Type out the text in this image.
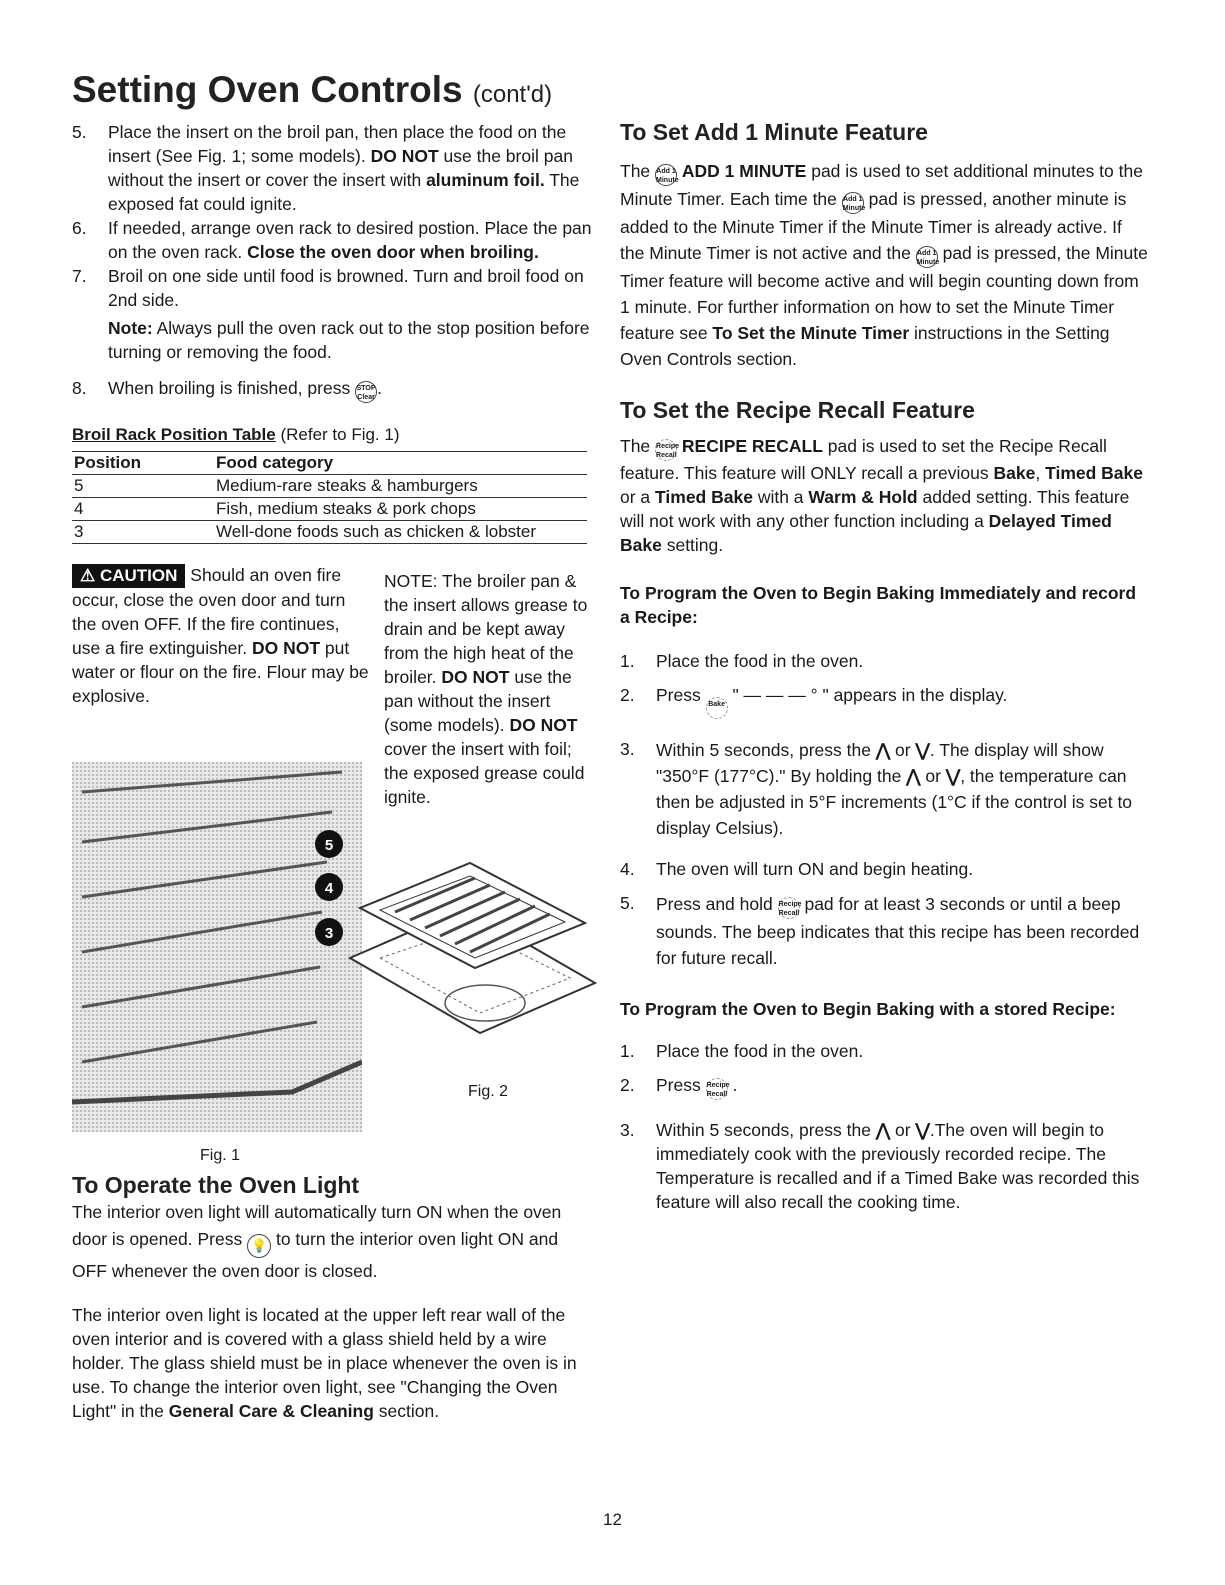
Setting Oven Controls (cont'd)
5.	Place the insert on the broil pan, then place the food on the insert (See Fig. 1; some models). DO NOT use the broil pan without the insert or cover the insert with aluminum foil. The exposed fat could ignite.
6.	If needed, arrange oven rack to desired postion. Place the pan on the oven rack. Close the oven door when broiling.
7.	Broil on one side until food is browned. Turn and broil food on 2nd side.
Note: Always pull the oven rack out to the stop position before turning or removing the food.
8.	When broiling is finished, press STOP Clear .
Broil Rack Position Table (Refer to Fig. 1)
Position	Food category
5	Medium-rare steaks & hamburgers
4	Fish, medium steaks & pork chops
3	Well-done foods such as chicken & lobster
⚠ CAUTION Should an oven fire occur, close the oven door and turn the oven OFF. If the fire continues, use a fire extinguisher. DO NOT put water or flour on the fire. Flour may be explosive.
NOTE: The broiler pan & the insert allows grease to drain and be kept away from the high heat of the broiler. DO NOT use the pan without the insert (some models). DO NOT cover the insert with foil; the exposed grease could ignite.
5
4
3
Fig. 1
Fig. 2
To Operate the Oven Light

The interior oven light will automatically turn ON when the oven door is opened. Press 💡 to turn the interior oven light ON and OFF whenever the oven door is closed.

The interior oven light is located at the upper left rear wall of the oven interior and is covered with a glass shield held by a wire holder. The glass shield must be in place whenever the oven is in use. To change the interior oven light, see "Changing the Oven Light" in the General Care & Cleaning section.

To Set Add 1 Minute Feature

The Add 1 Minute ADD 1 MINUTE pad is used to set additional minutes to the Minute Timer. Each time the Add 1 Minute pad is pressed, another minute is added to the Minute Timer if the Minute Timer is already active. If the Minute Timer is not active and the Add 1 Minute pad is pressed, the Minute Timer feature will become active and will begin counting down from 1 minute. For further information on how to set the Minute Timer feature see To Set the Minute Timer instructions in the Setting Oven Controls section.

To Set the Recipe Recall Feature

The Recipe Recall RECIPE RECALL pad is used to set the Recipe Recall feature. This feature will ONLY recall a previous Bake, Timed Bake or a Timed Bake with a Warm & Hold added setting. This feature will not work with any other function including a Delayed Timed Bake setting.

To Program the Oven to Begin Baking Immediately and record a Recipe:
1.	Place the food in the oven.
2.	Press Bake " — — — ° " appears in the display.
3.	Within 5 seconds, press the ⋀ or ⋁. The display will show "350°F (177°C)." By holding the ⋀ or ⋁, the temperature can then be adjusted in 5°F increments (1°C if the control is set to display Celsius).
4.	The oven will turn ON and begin heating.
5.	Press and hold Recipe Recall pad for at least 3 seconds or until a beep sounds. The beep indicates that this recipe has been recorded for future recall.
To Program the Oven to Begin Baking with a stored Recipe:
1.	Place the food in the oven.
2.	Press Recipe Recall .
3.	Within 5 seconds, press the ⋀ or ⋁.The oven will begin to immediately cook with the previously recorded recipe. The Temperature is recalled and if a Timed Bake was recorded this feature will also recall the cooking time.
12
